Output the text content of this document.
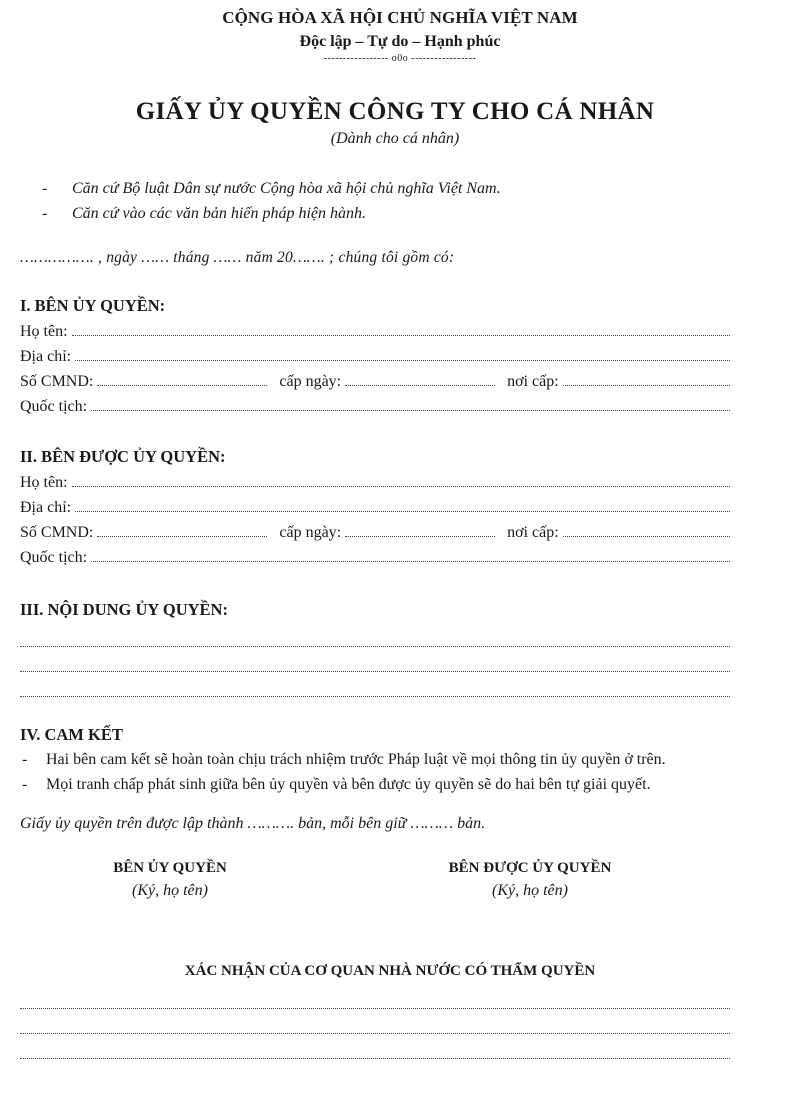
CỘNG HÒA XÃ HỘI CHỦ NGHĨA VIỆT NAM
Độc lập – Tự do – Hạnh phúc
----------------- o0o -----------------
GIẤY ỦY QUYỀN CÔNG TY CHO CÁ NHÂN
(Dành cho cá nhân)
- Căn cứ Bộ luật Dân sự nước Cộng hòa xã hội chủ nghĩa Việt Nam.
- Căn cứ vào các văn bản hiến pháp hiện hành.
……………. , ngày …… tháng …… năm 20……. ; chúng tôi gồm có:
I. BÊN ỦY QUYỀN:
Họ tên:
Địa chỉ:
Số CMND:	cấp ngày:	nơi cấp:
Quốc tịch:
II. BÊN ĐƯỢC ỦY QUYỀN:
Họ tên:
Địa chỉ:
Số CMND:	cấp ngày:	nơi cấp:
Quốc tịch:
III. NỘI DUNG ỦY QUYỀN:
IV. CAM KẾT
- Hai bên cam kết sẽ hoàn toàn chịu trách nhiệm trước Pháp luật về mọi thông tin ủy quyền ở trên.
- Mọi tranh chấp phát sinh giữa bên ủy quyền và bên được ủy quyền sẽ do hai bên tự giải quyết.
Giấy ủy quyền trên được lập thành ………. bản, mỗi bên giữ ……… bản.
BÊN ỦY QUYỀN
(Ký, họ tên)
BÊN ĐƯỢC ỦY QUYỀN
(Ký, họ tên)
XÁC NHẬN CỦA CƠ QUAN NHÀ NƯỚC CÓ THẨM QUYỀN
